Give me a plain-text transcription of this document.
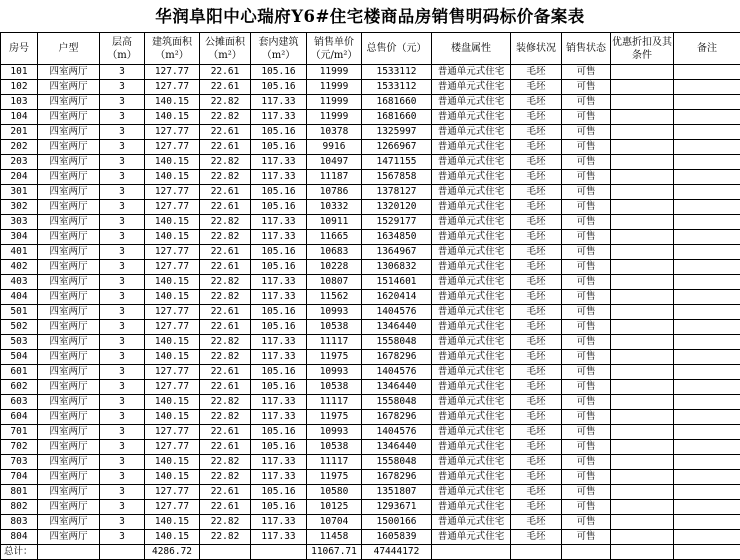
华润阜阳中心瑞府Y6#住宅楼商品房销售明码标价备案表
房号	户型	层高（m）	建筑面积（m²）	公摊面积（m²）	套内建筑（m²）	销售单价（元/m²）	总售价（元）	楼盘属性	装修状况	销售状态	优惠折扣及其条件	备注
101	四室两厅	3	127.77	22.61	105.16	11999	1533112	普通单元式住宅	毛坯	可售		
102	四室两厅	3	127.77	22.61	105.16	11999	1533112	普通单元式住宅	毛坯	可售		
103	四室两厅	3	140.15	22.82	117.33	11999	1681660	普通单元式住宅	毛坯	可售		
104	四室两厅	3	140.15	22.82	117.33	11999	1681660	普通单元式住宅	毛坯	可售		
201	四室两厅	3	127.77	22.61	105.16	10378	1325997	普通单元式住宅	毛坯	可售		
202	四室两厅	3	127.77	22.61	105.16	9916	1266967	普通单元式住宅	毛坯	可售		
203	四室两厅	3	140.15	22.82	117.33	10497	1471155	普通单元式住宅	毛坯	可售		
204	四室两厅	3	140.15	22.82	117.33	11187	1567858	普通单元式住宅	毛坯	可售		
301	四室两厅	3	127.77	22.61	105.16	10786	1378127	普通单元式住宅	毛坯	可售		
302	四室两厅	3	127.77	22.61	105.16	10332	1320120	普通单元式住宅	毛坯	可售		
303	四室两厅	3	140.15	22.82	117.33	10911	1529177	普通单元式住宅	毛坯	可售		
304	四室两厅	3	140.15	22.82	117.33	11665	1634850	普通单元式住宅	毛坯	可售		
401	四室两厅	3	127.77	22.61	105.16	10683	1364967	普通单元式住宅	毛坯	可售		
402	四室两厅	3	127.77	22.61	105.16	10228	1306832	普通单元式住宅	毛坯	可售		
403	四室两厅	3	140.15	22.82	117.33	10807	1514601	普通单元式住宅	毛坯	可售		
404	四室两厅	3	140.15	22.82	117.33	11562	1620414	普通单元式住宅	毛坯	可售		
501	四室两厅	3	127.77	22.61	105.16	10993	1404576	普通单元式住宅	毛坯	可售		
502	四室两厅	3	127.77	22.61	105.16	10538	1346440	普通单元式住宅	毛坯	可售		
503	四室两厅	3	140.15	22.82	117.33	11117	1558048	普通单元式住宅	毛坯	可售		
504	四室两厅	3	140.15	22.82	117.33	11975	1678296	普通单元式住宅	毛坯	可售		
601	四室两厅	3	127.77	22.61	105.16	10993	1404576	普通单元式住宅	毛坯	可售		
602	四室两厅	3	127.77	22.61	105.16	10538	1346440	普通单元式住宅	毛坯	可售		
603	四室两厅	3	140.15	22.82	117.33	11117	1558048	普通单元式住宅	毛坯	可售		
604	四室两厅	3	140.15	22.82	117.33	11975	1678296	普通单元式住宅	毛坯	可售		
701	四室两厅	3	127.77	22.61	105.16	10993	1404576	普通单元式住宅	毛坯	可售		
702	四室两厅	3	127.77	22.61	105.16	10538	1346440	普通单元式住宅	毛坯	可售		
703	四室两厅	3	140.15	22.82	117.33	11117	1558048	普通单元式住宅	毛坯	可售		
704	四室两厅	3	140.15	22.82	117.33	11975	1678296	普通单元式住宅	毛坯	可售		
801	四室两厅	3	127.77	22.61	105.16	10580	1351807	普通单元式住宅	毛坯	可售		
802	四室两厅	3	127.77	22.61	105.16	10125	1293671	普通单元式住宅	毛坯	可售		
803	四室两厅	3	140.15	22.82	117.33	10704	1500166	普通单元式住宅	毛坯	可售		
804	四室两厅	3	140.15	22.82	117.33	11458	1605839	普通单元式住宅	毛坯	可售		
总计：			4286.72			11067.71	47444172					
